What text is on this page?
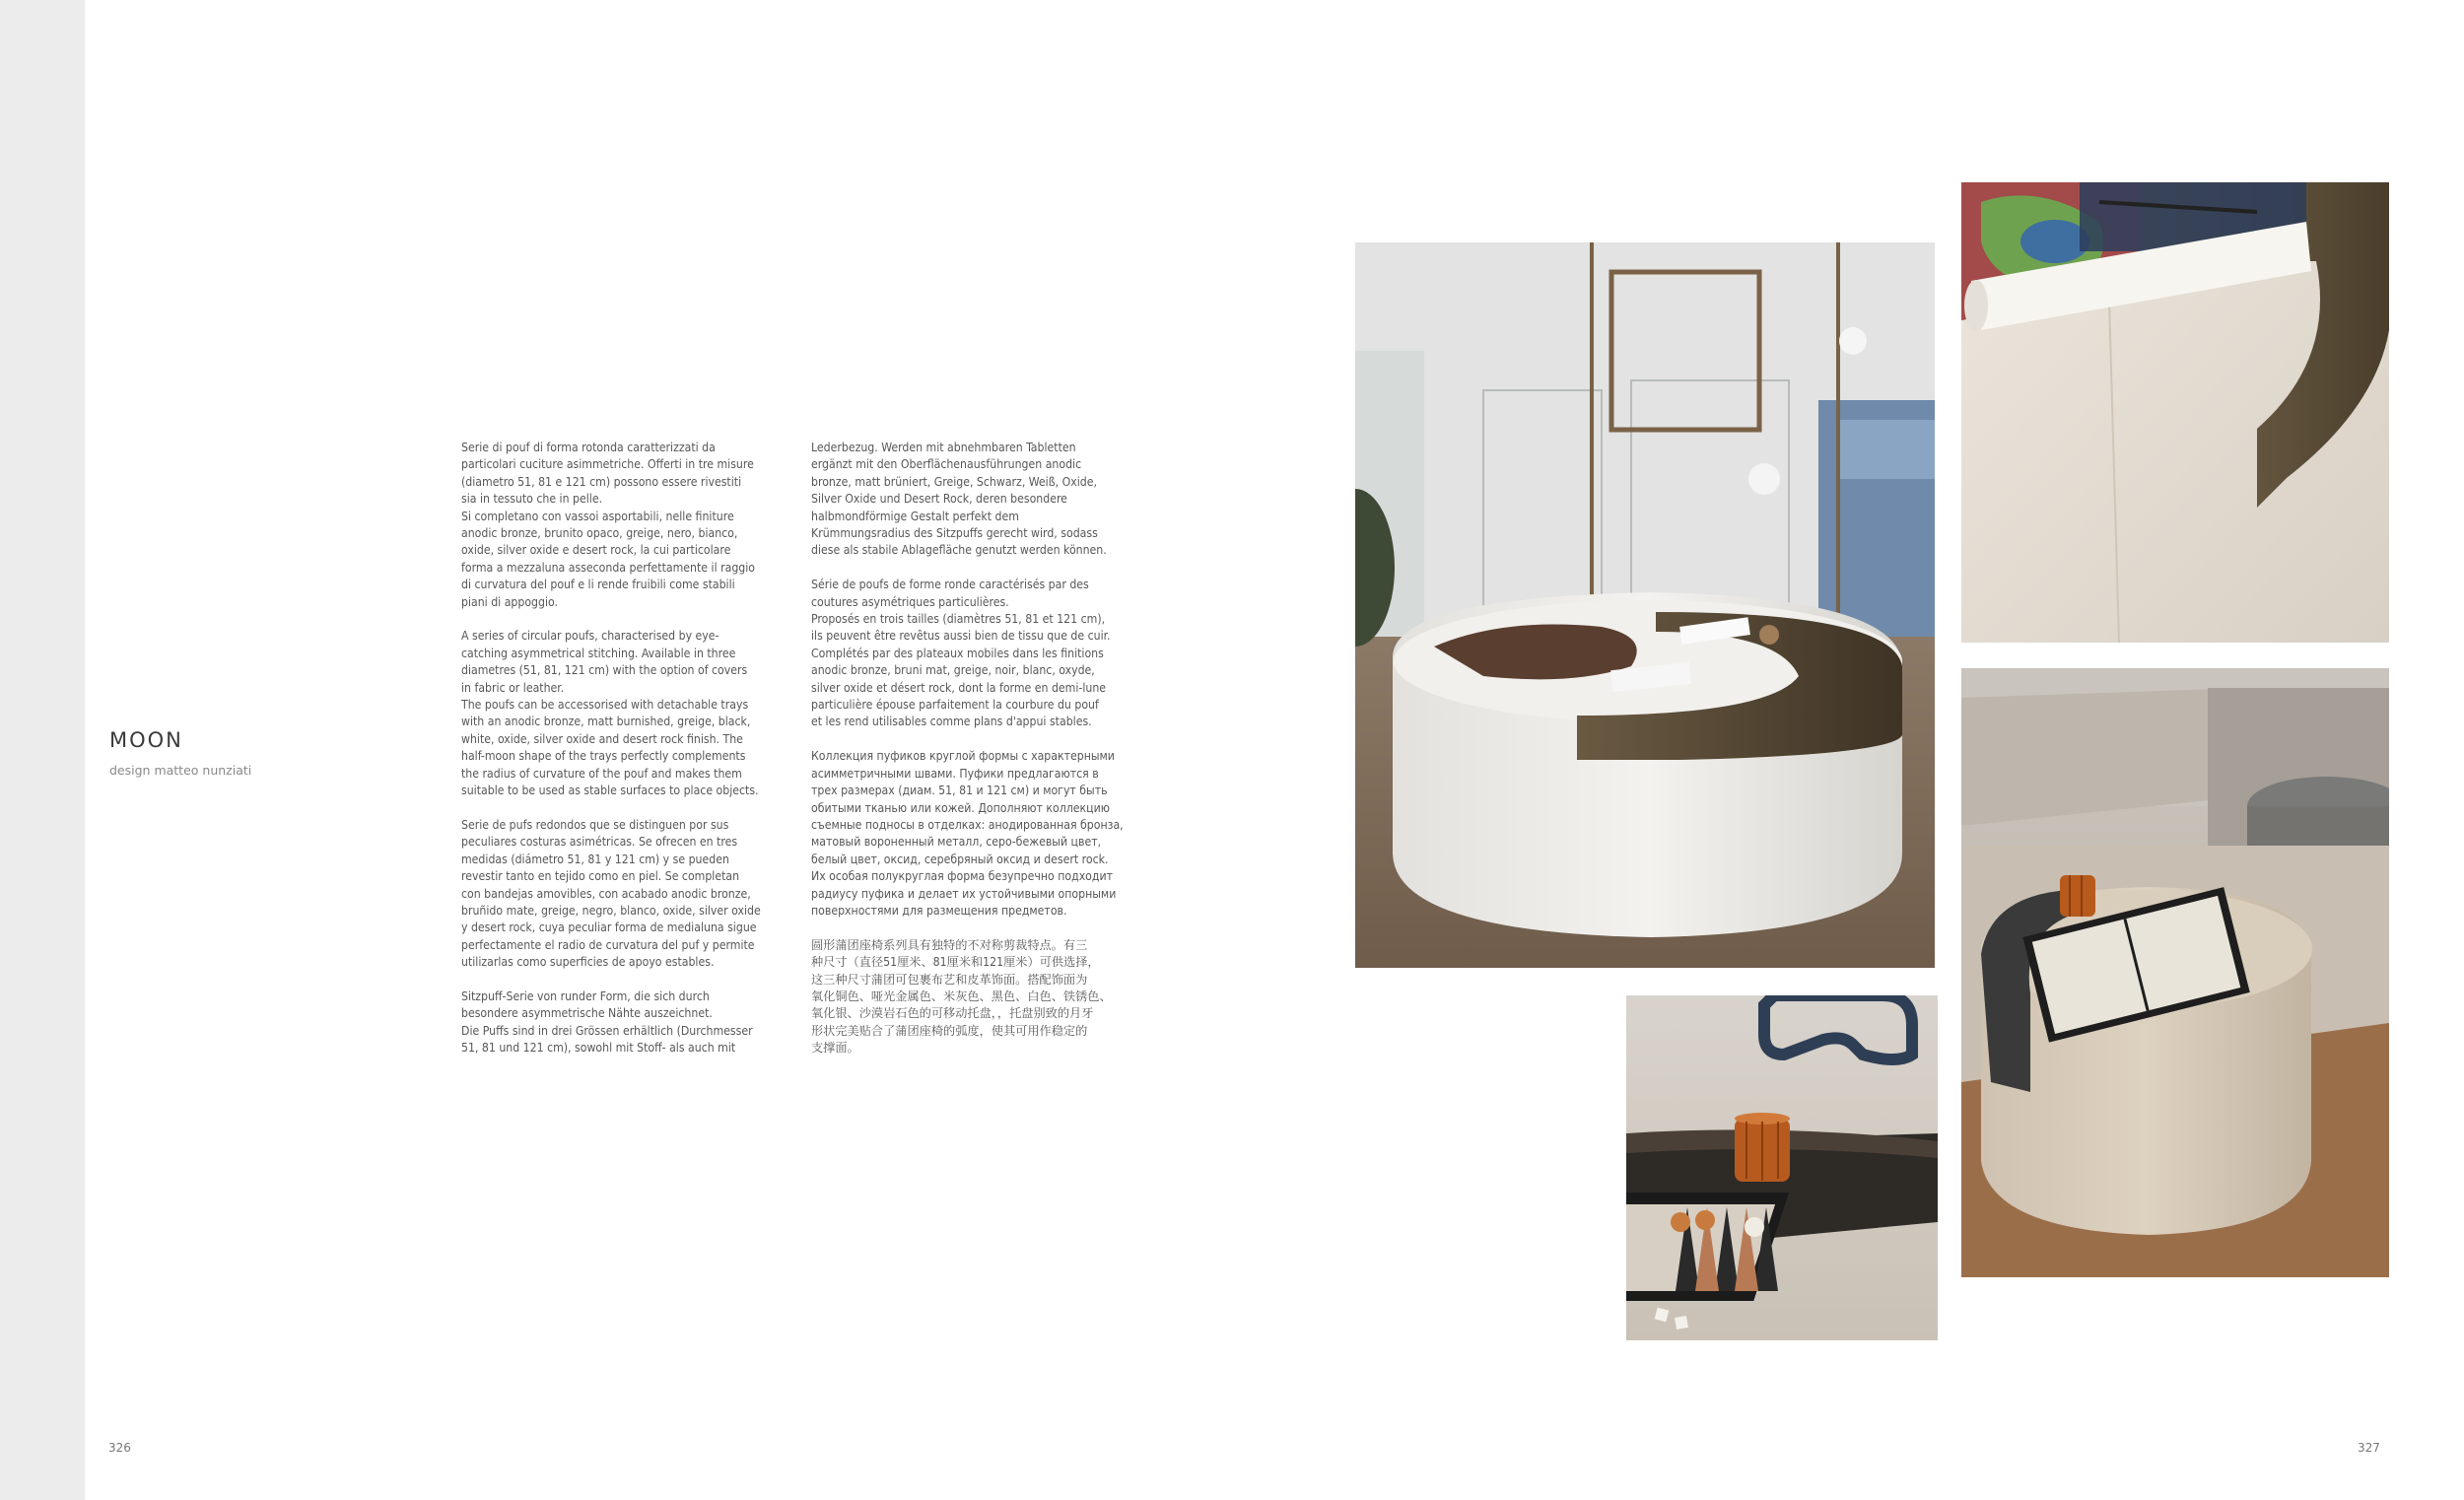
MOON
design matteo nunziati

Serie di pouf di forma rotonda caratterizzati da
particolari cuciture asimmetriche. Offerti in tre misure
(diametro 51, 81 e 121 cm) possono essere rivestiti
sia in tessuto che in pelle.
Si completano con vassoi asportabili, nelle finiture
anodic bronze, brunito opaco, greige, nero, bianco,
oxide, silver oxide e desert rock, la cui particolare
forma a mezzaluna asseconda perfettamente il raggio
di curvatura del pouf e li rende fruibili come stabili
piani di appoggio.

A series of circular poufs, characterised by eye-
catching asymmetrical stitching. Available in three
diametres (51, 81, 121 cm) with the option of covers
in fabric or leather.
The poufs can be accessorised with detachable trays
with an anodic bronze, matt burnished, greige, black,
white, oxide, silver oxide and desert rock finish. The
half-moon shape of the trays perfectly complements
the radius of curvature of the pouf and makes them
suitable to be used as stable surfaces to place objects.

Serie de pufs redondos que se distinguen por sus
peculiares costuras asimétricas. Se ofrecen en tres
medidas (diámetro 51, 81 y 121 cm) y se pueden
revestir tanto en tejido como en piel. Se completan
con bandejas amovibles, con acabado anodic bronze,
bruñido mate, greige, negro, blanco, oxide, silver oxide
y desert rock, cuya peculiar forma de medialuna sigue
perfectamente el radio de curvatura del puf y permite
utilizarlas como superficies de apoyo estables.

Sitzpuff-Serie von runder Form, die sich durch
besondere asymmetrische Nähte auszeichnet.
Die Puffs sind in drei Grössen erhältlich (Durchmesser
51, 81 und 121 cm), sowohl mit Stoff- als auch mit

Lederbezug. Werden mit abnehmbaren Tabletten
ergänzt mit den Oberflächenausführungen anodic
bronze, matt brüniert, Greige, Schwarz, Weiß, Oxide,
Silver Oxide und Desert Rock, deren besondere
halbmondförmige Gestalt perfekt dem
Krümmungsradius des Sitzpuffs gerecht wird, sodass
diese als stabile Ablagefläche genutzt werden können.

Série de poufs de forme ronde caractérisés par des
coutures asymétriques particulières.
Proposés en trois tailles (diamètres 51, 81 et 121 cm),
ils peuvent être revêtus aussi bien de tissu que de cuir.
Complétés par des plateaux mobiles dans les finitions
anodic bronze, bruni mat, greige, noir, blanc, oxyde,
silver oxide et désert rock, dont la forme en demi-lune
particulière épouse parfaitement la courbure du pouf
et les rend utilisables comme plans d'appui stables.

Коллекция пуфиков круглой формы с характерными
асимметричными швами. Пуфики предлагаются в
трех размерах (диам. 51, 81 и 121 см) и могут быть
обитыми тканью или кожей. Дополняют коллекцию
съемные подносы в отделках: анодированная бронза,
матовый вороненный металл, серо-бежевый цвет,
белый цвет, оксид, серебряный оксид и desert rock.
Их особая полукруглая форма безупречно подходит
радиусу пуфика и делает их устойчивыми опорными
поверхностями для размещения предметов.

圆形蒲团座椅系列具有独特的不对称剪裁特点。有三
种尺寸（直径51厘米、81厘米和121厘米）可供选择，
这三种尺寸蒲团可包裹布艺和皮革饰面。搭配饰面为
氧化铜色、哑光金属色、米灰色、黑色、白色、铁锈色、
氧化银、沙漠岩石色的可移动托盘，，托盘别致的月牙
形状完美贴合了蒲团座椅的弧度，使其可用作稳定的
支撑面。

326	327
